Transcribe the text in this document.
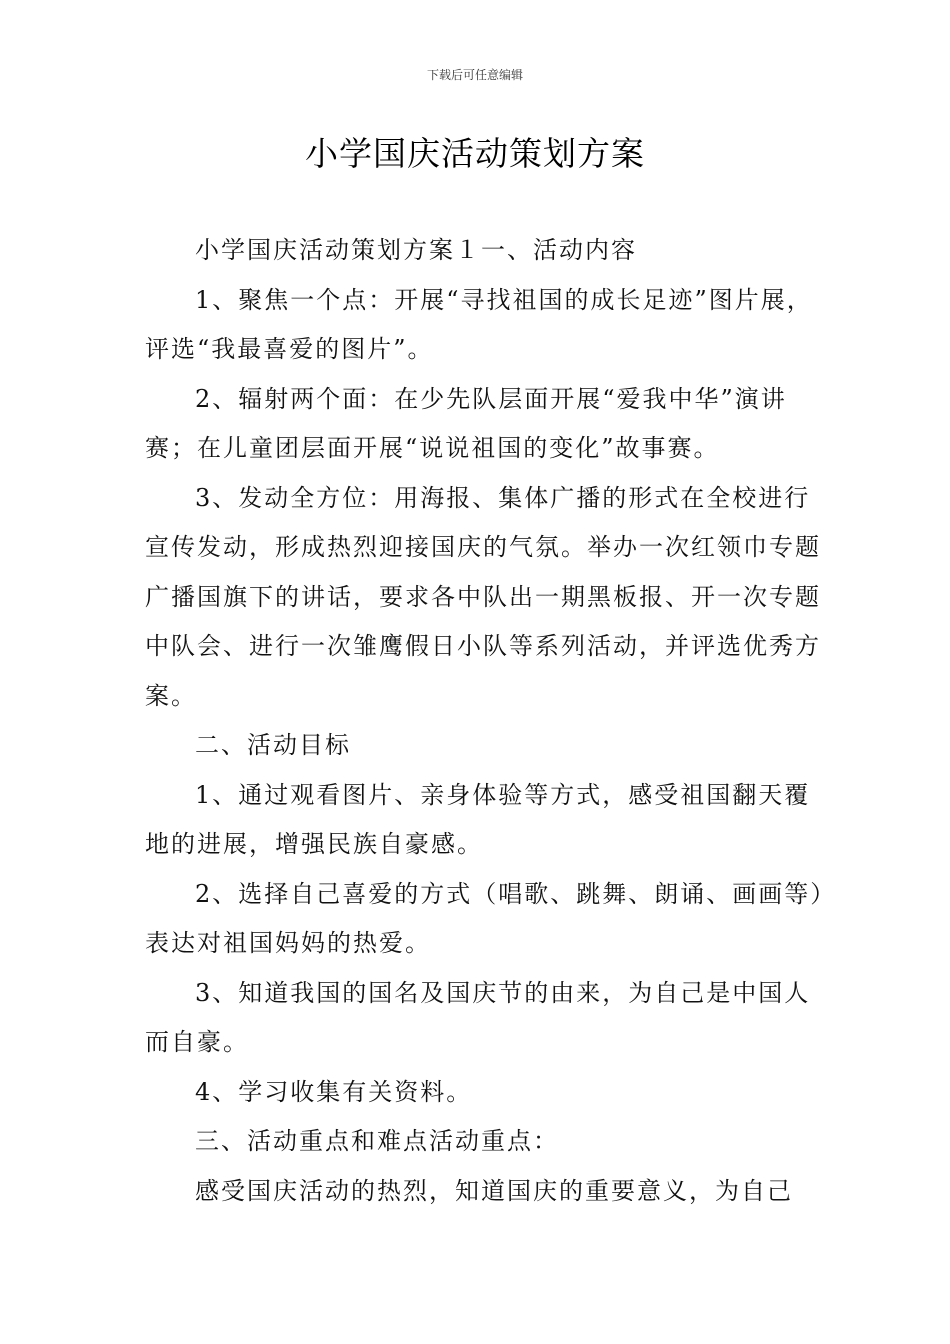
下载后可任意编辑
小学国庆活动策划方案

小学国庆活动策划方案１一、活动内容

1、聚焦一个点：开展“寻找祖国的成长足迹”图片展，评选“我最喜爱的图片”。

2、辐射两个面：在少先队层面开展“爱我中华”演讲赛；在儿童团层面开展“说说祖国的变化”故事赛。

3、发动全方位：用海报、集体广播的形式在全校进行宣传发动，形成热烈迎接国庆的气氛。举办一次红领巾专题广播国旗下的讲话，要求各中队出一期黑板报、开一次专题中队会、进行一次雏鹰假日小队等系列活动，并评选优秀方案。

二、活动目标

1、通过观看图片、亲身体验等方式，感受祖国翻天覆地的进展，增强民族自豪感。

2、选择自己喜爱的方式（唱歌、跳舞、朗诵、画画等）表达对祖国妈妈的热爱。

3、知道我国的国名及国庆节的由来，为自己是中国人而自豪。

4、学习收集有关资料。

三、活动重点和难点活动重点：

感受国庆活动的热烈，知道国庆的重要意义，为自己
